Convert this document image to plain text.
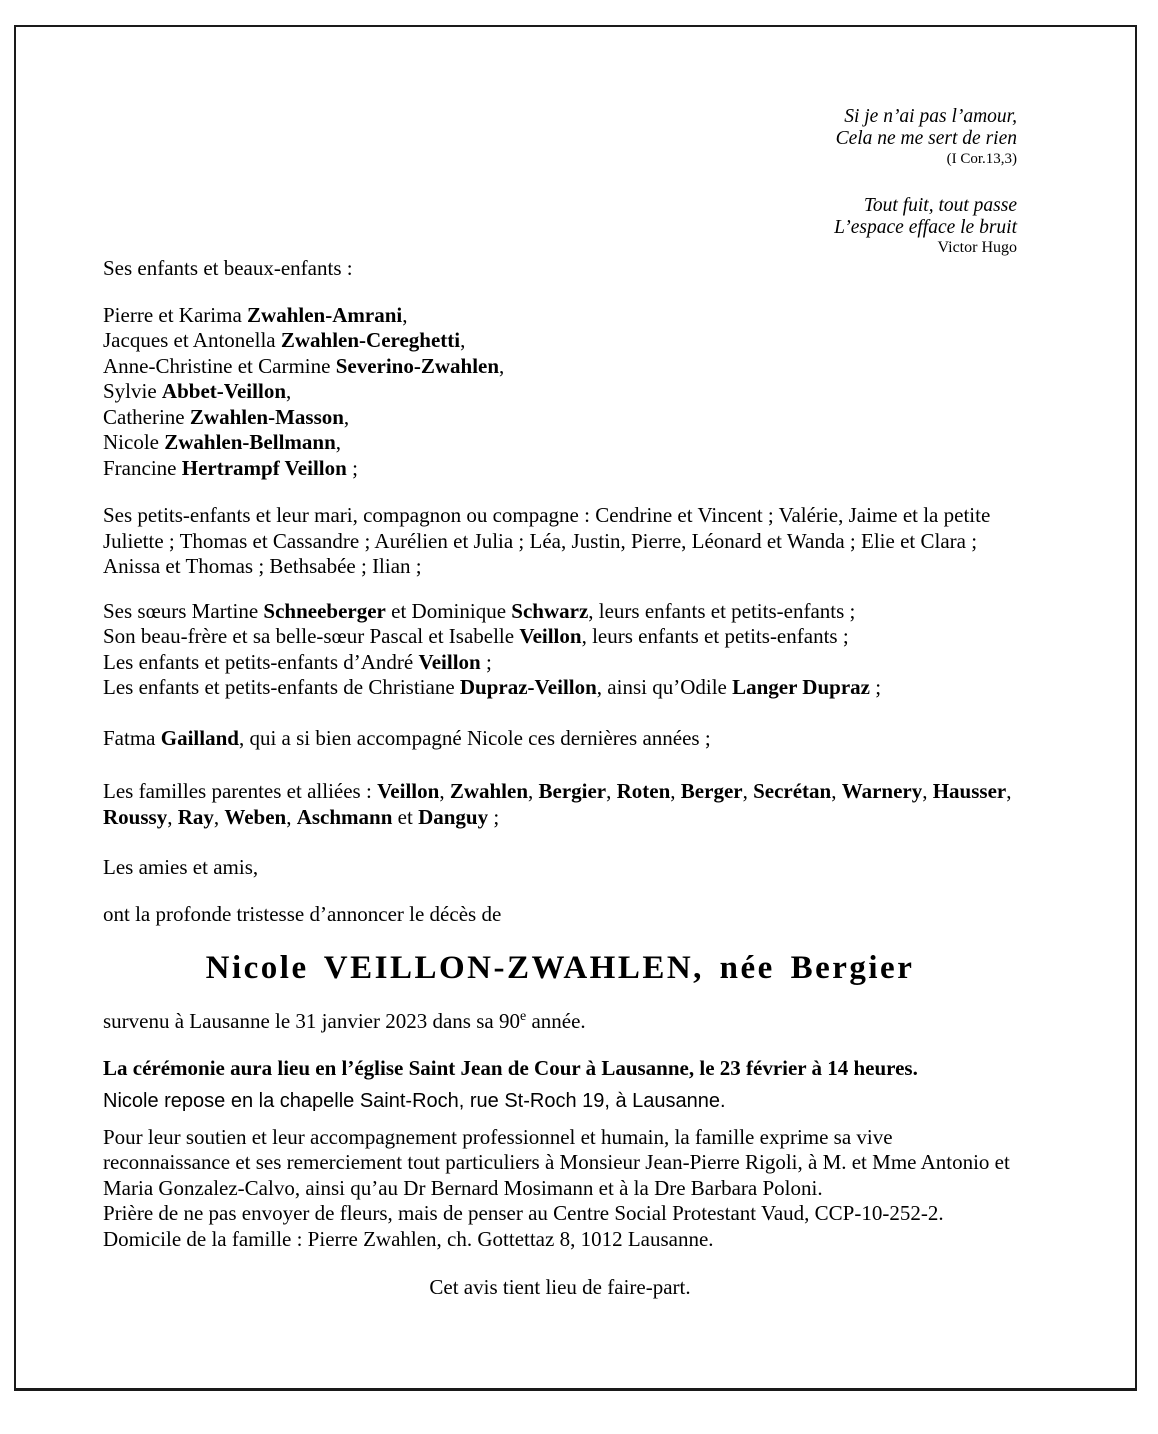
Si je n’ai pas l’amour,
Cela ne me sert de rien
(I Cor.13,3)
Tout fuit, tout passe
L’espace efface le bruit
Victor Hugo

Ses enfants et beaux-enfants :

Pierre et Karima Zwahlen-Amrani,
Jacques et Antonella Zwahlen-Cereghetti,
Anne-Christine et Carmine Severino-Zwahlen,
Sylvie Abbet-Veillon,
Catherine Zwahlen-Masson,
Nicole Zwahlen-Bellmann,
Francine Hertrampf Veillon ;

Ses petits-enfants et leur mari, compagnon ou compagne : Cendrine et Vincent ; Valérie, Jaime et la petite Juliette ; Thomas et Cassandre ; Aurélien et Julia ; Léa, Justin, Pierre, Léonard et Wanda ; Elie et Clara ; Anissa et Thomas ; Bethsabée ; Ilian ;

Ses sœurs Martine Schneeberger et Dominique Schwarz, leurs enfants et petits-enfants ;
Son beau-frère et sa belle-sœur Pascal et Isabelle Veillon, leurs enfants et petits-enfants ;
Les enfants et petits-enfants d’André Veillon ;
Les enfants et petits-enfants de Christiane Dupraz-Veillon, ainsi qu’Odile Langer Dupraz ;

Fatma Gailland, qui a si bien accompagné Nicole ces dernières années ;

Les familles parentes et alliées : Veillon, Zwahlen, Bergier, Roten, Berger, Secrétan, Warnery, Hausser, Roussy, Ray, Weben, Aschmann et Danguy ;

Les amies et amis,

ont la profonde tristesse d’annoncer le décès de

Nicole VEILLON-ZWAHLEN, née Bergier

survenu à Lausanne le 31 janvier 2023 dans sa 90e année.

La cérémonie aura lieu en l’église Saint Jean de Cour à Lausanne, le 23 février à 14 heures.

Nicole repose en la chapelle Saint-Roch, rue St-Roch 19, à Lausanne.

Pour leur soutien et leur accompagnement professionnel et humain, la famille exprime sa vive reconnaissance et ses remerciement tout particuliers à Monsieur Jean-Pierre Rigoli, à M. et Mme Antonio et Maria Gonzalez-Calvo, ainsi qu’au Dr Bernard Mosimann et à la Dre Barbara Poloni.

Prière de ne pas envoyer de fleurs, mais de penser au Centre Social Protestant Vaud, CCP-10-252-2.

Domicile de la famille : Pierre Zwahlen, ch. Gottettaz 8, 1012 Lausanne.

Cet avis tient lieu de faire-part.
